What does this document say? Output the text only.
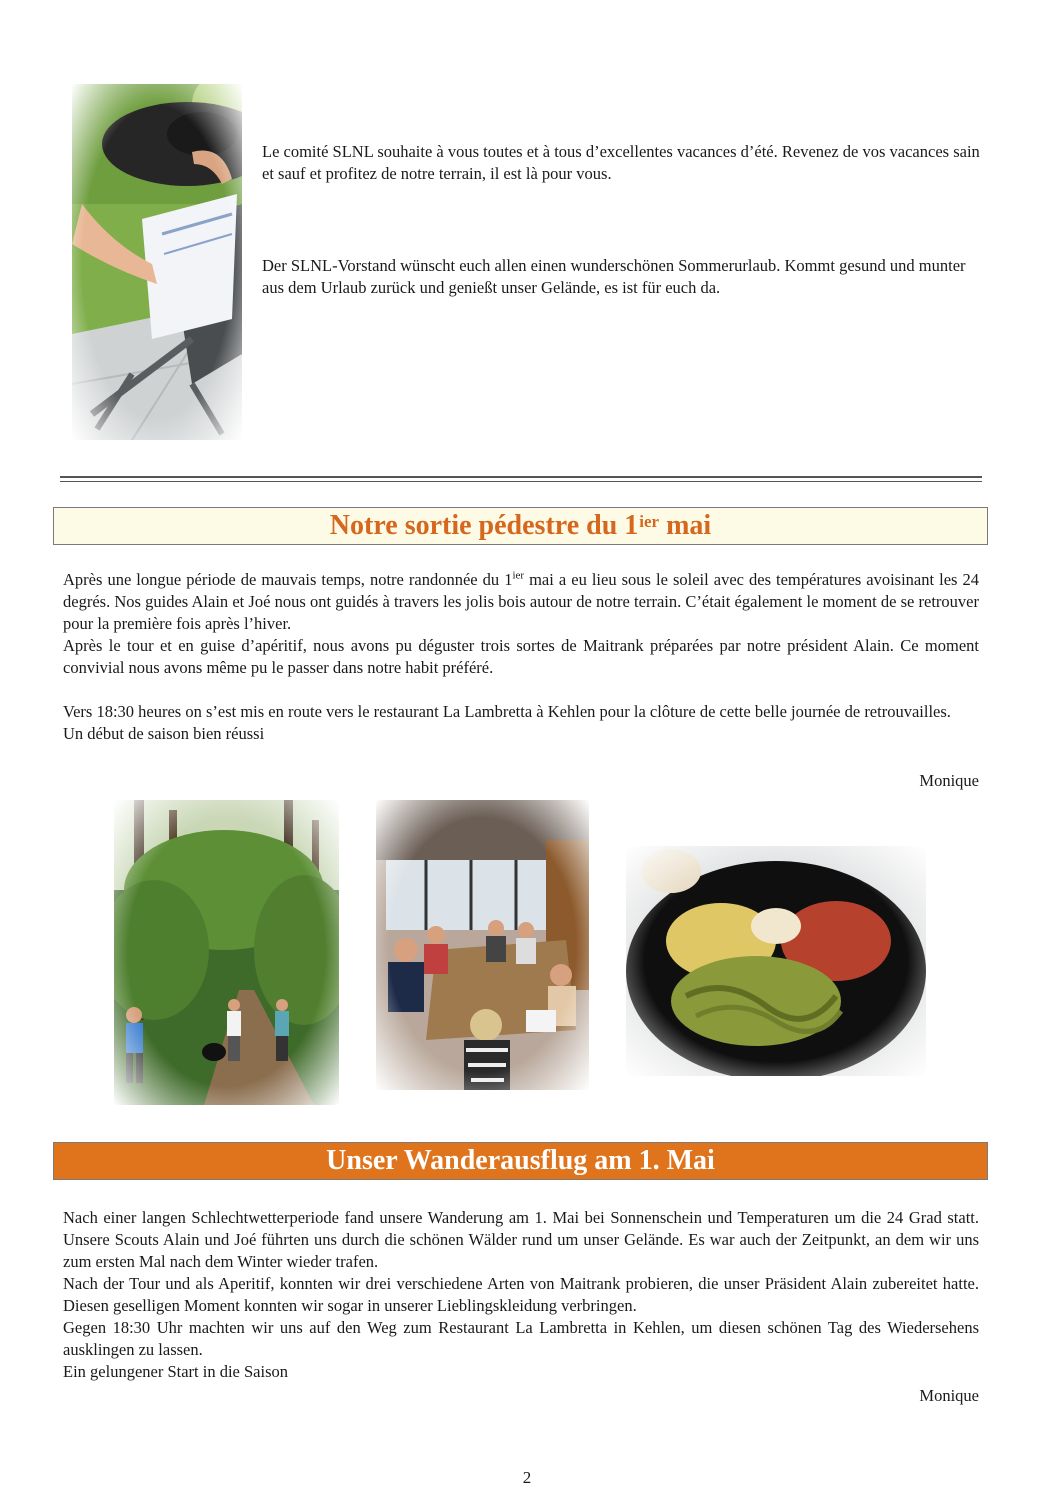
Le comité SLNL souhaite à vous toutes et à tous d’excellentes vacances d’été. Revenez de vos vacances sain et sauf et profitez de notre terrain, il est là pour vous.

Der SLNL-Vorstand wünscht euch allen einen wunderschönen Sommerurlaub. Kommt gesund und munter aus dem Urlaub zurück und genießt unser Gelände, es ist für euch da.

Notre sortie pédestre du $1^{ier}$ mai

Après une longue période de mauvais temps, notre randonnée du $1^{ier}$ mai a eu lieu sous le soleil avec des températures avoisinant les 24 degrés. Nos guides Alain et Joé nous ont guidés à travers les jolis bois autour de notre terrain. C’était également le moment de se retrouver pour la première fois après l’hiver.

Après le tour et en guise d’apéritif, nous avons pu déguster trois sortes de Maitrank préparées par notre président Alain. Ce moment convivial nous avons même pu le passer dans notre habit préféré.

Vers 18:30 heures on s’est mis en route vers le restaurant La Lambretta à Kehlen pour la clôture de cette belle journée de retrouvailles.

Un début de saison bien réussi

Monique

Unser Wanderausflug am 1. Mai

Nach einer langen Schlechtwetterperiode fand unsere Wanderung am 1. Mai bei Sonnenschein und Temperaturen um die 24 Grad statt. Unsere Scouts Alain und Joé führten uns durch die schönen Wälder rund um unser Gelände. Es war auch der Zeitpunkt, an dem wir uns zum ersten Mal nach dem Winter wieder trafen.

Nach der Tour und als Aperitif, konnten wir drei verschiedene Arten von Maitrank probieren, die unser Präsident Alain zubereitet hatte. Diesen geselligen Moment konnten wir sogar in unserer Lieblingskleidung verbringen.

Gegen 18:30 Uhr machten wir uns auf den Weg zum Restaurant La Lambretta in Kehlen, um diesen schönen Tag des Wiedersehens ausklingen zu lassen.

Ein gelungener Start in die Saison

Monique

2
